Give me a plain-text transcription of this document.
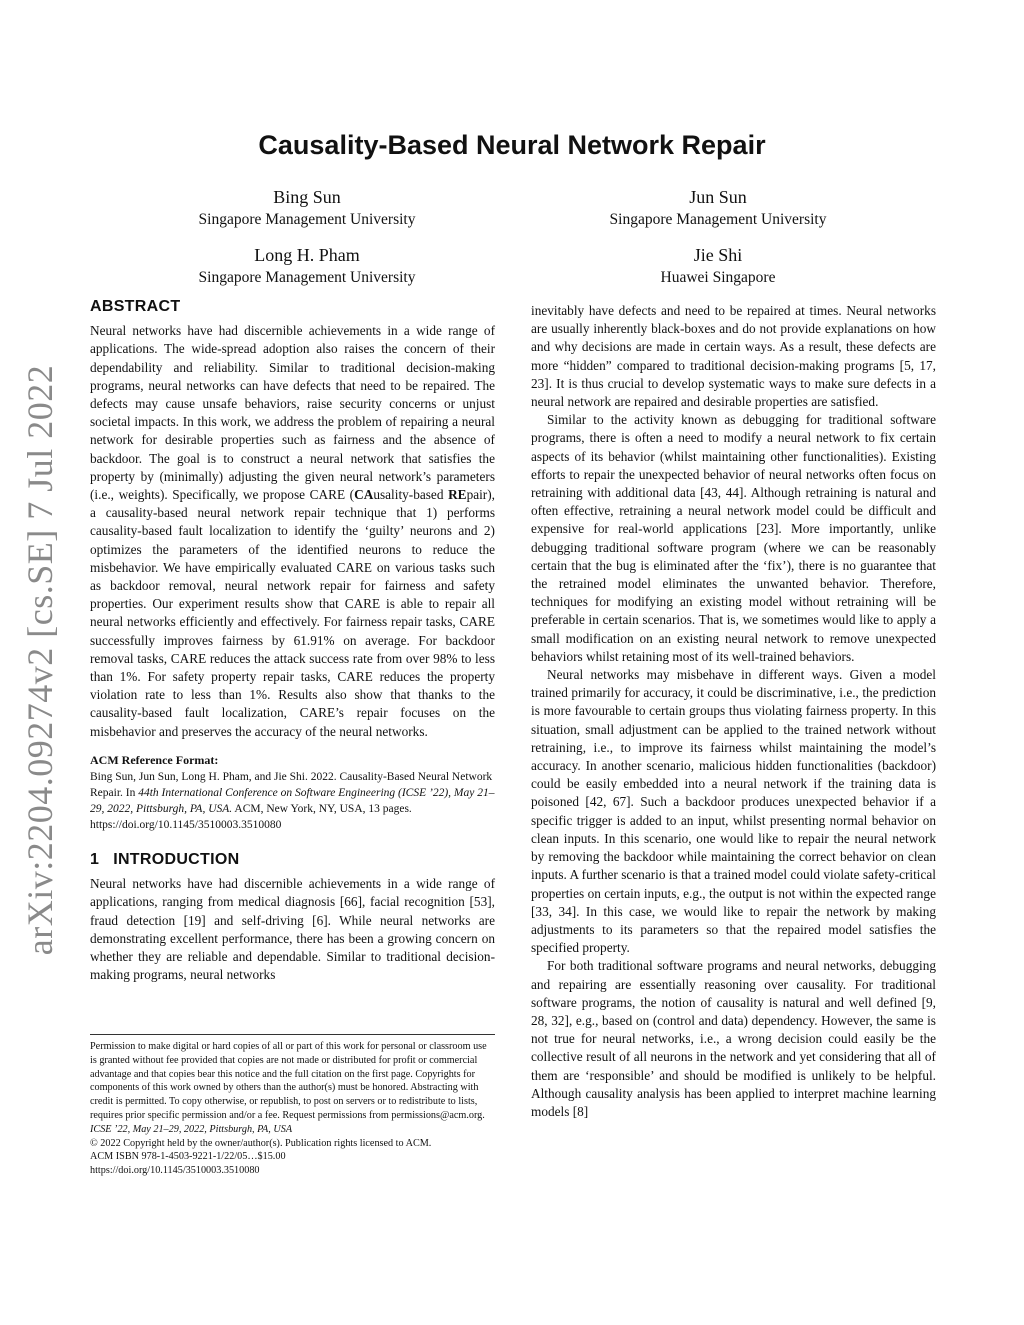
arXiv:2204.09274v2 [cs.SE] 7 Jul 2022
Causality-Based Neural Network Repair
Bing Sun
Singapore Management University
Jun Sun
Singapore Management University
Long H. Pham
Singapore Management University
Jie Shi
Huawei Singapore
ABSTRACT

Neural networks have had discernible achievements in a wide range of applications. The wide-spread adoption also raises the concern of their dependability and reliability. Similar to traditional decision-making programs, neural networks can have defects that need to be repaired. The defects may cause unsafe behaviors, raise security concerns or unjust societal impacts. In this work, we address the problem of repairing a neural network for desirable properties such as fairness and the absence of backdoor. The goal is to construct a neural network that satisfies the property by (minimally) adjusting the given neural network’s parameters (i.e., weights). Specifically, we propose CARE (CAusality-based REpair), a causality-based neural network repair technique that 1) performs causality-based fault localization to identify the ‘guilty’ neurons and 2) optimizes the parameters of the identified neurons to reduce the misbehavior. We have empirically evaluated CARE on various tasks such as backdoor removal, neural network repair for fairness and safety properties. Our experiment results show that CARE is able to repair all neural networks efficiently and effectively. For fairness repair tasks, CARE successfully improves fairness by 61.91% on average. For backdoor removal tasks, CARE reduces the attack success rate from over 98% to less than 1%. For safety property repair tasks, CARE reduces the property violation rate to less than 1%. Results also show that thanks to the causality-based fault localization, CARE’s repair focuses on the misbehavior and preserves the accuracy of the neural networks.

ACM Reference Format:

Bing Sun, Jun Sun, Long H. Pham, and Jie Shi. 2022. Causality-Based Neural Network Repair. In 44th International Conference on Software Engineering (ICSE ’22), May 21–29, 2022, Pittsburgh, PA, USA. ACM, New York, NY, USA, 13 pages. https://doi.org/10.1145/3510003.3510080

1 INTRODUCTION

Neural networks have had discernible achievements in a wide range of applications, ranging from medical diagnosis [66], facial recognition [53], fraud detection [19] and self-driving [6]. While neural networks are demonstrating excellent performance, there has been a growing concern on whether they are reliable and dependable. Similar to traditional decision-making programs, neural networks

Permission to make digital or hard copies of all or part of this work for personal or classroom use is granted without fee provided that copies are not made or distributed for profit or commercial advantage and that copies bear this notice and the full citation on the first page. Copyrights for components of this work owned by others than the author(s) must be honored. Abstracting with credit is permitted. To copy otherwise, or republish, to post on servers or to redistribute to lists, requires prior specific permission and/or a fee. Request permissions from permissions@acm.org.
ICSE ’22, May 21–29, 2022, Pittsburgh, PA, USA
© 2022 Copyright held by the owner/author(s). Publication rights licensed to ACM.
ACM ISBN 978-1-4503-9221-1/22/05…$15.00
https://doi.org/10.1145/3510003.3510080

inevitably have defects and need to be repaired at times. Neural networks are usually inherently black-boxes and do not provide explanations on how and why decisions are made in certain ways. As a result, these defects are more “hidden” compared to traditional decision-making programs [5, 17, 23]. It is thus crucial to develop systematic ways to make sure defects in a neural network are repaired and desirable properties are satisfied.

Similar to the activity known as debugging for traditional software programs, there is often a need to modify a neural network to fix certain aspects of its behavior (whilst maintaining other functionalities). Existing efforts to repair the unexpected behavior of neural networks often focus on retraining with additional data [43, 44]. Although retraining is natural and often effective, retraining a neural network model could be difficult and expensive for real-world applications [23]. More importantly, unlike debugging traditional software program (where we can be reasonably certain that the bug is eliminated after the ‘fix’), there is no guarantee that the retrained model eliminates the unwanted behavior. Therefore, techniques for modifying an existing model without retraining will be preferable in certain scenarios. That is, we sometimes would like to apply a small modification on an existing neural network to remove unexpected behaviors whilst retaining most of its well-trained behaviors.

Neural networks may misbehave in different ways. Given a model trained primarily for accuracy, it could be discriminative, i.e., the prediction is more favourable to certain groups thus violating fairness property. In this situation, small adjustment can be applied to the trained network without retraining, i.e., to improve its fairness whilst maintaining the model’s accuracy. In another scenario, malicious hidden functionalities (backdoor) could be easily embedded into a neural network if the training data is poisoned [42, 67]. Such a backdoor produces unexpected behavior if a specific trigger is added to an input, whilst presenting normal behavior on clean inputs. In this scenario, one would like to repair the neural network by removing the backdoor while maintaining the correct behavior on clean inputs. A further scenario is that a trained model could violate safety-critical properties on certain inputs, e.g., the output is not within the expected range [33, 34]. In this case, we would like to repair the network by making adjustments to its parameters so that the repaired model satisfies the specified property.

For both traditional software programs and neural networks, debugging and repairing are essentially reasoning over causality. For traditional software programs, the notion of causality is natural and well defined [9, 28, 32], e.g., based on (control and data) dependency. However, the same is not true for neural networks, i.e., a wrong decision could easily be the collective result of all neurons in the network and yet considering that all of them are ‘responsible’ and should be modified is unlikely to be helpful. Although causality analysis has been applied to interpret machine learning models [8]
